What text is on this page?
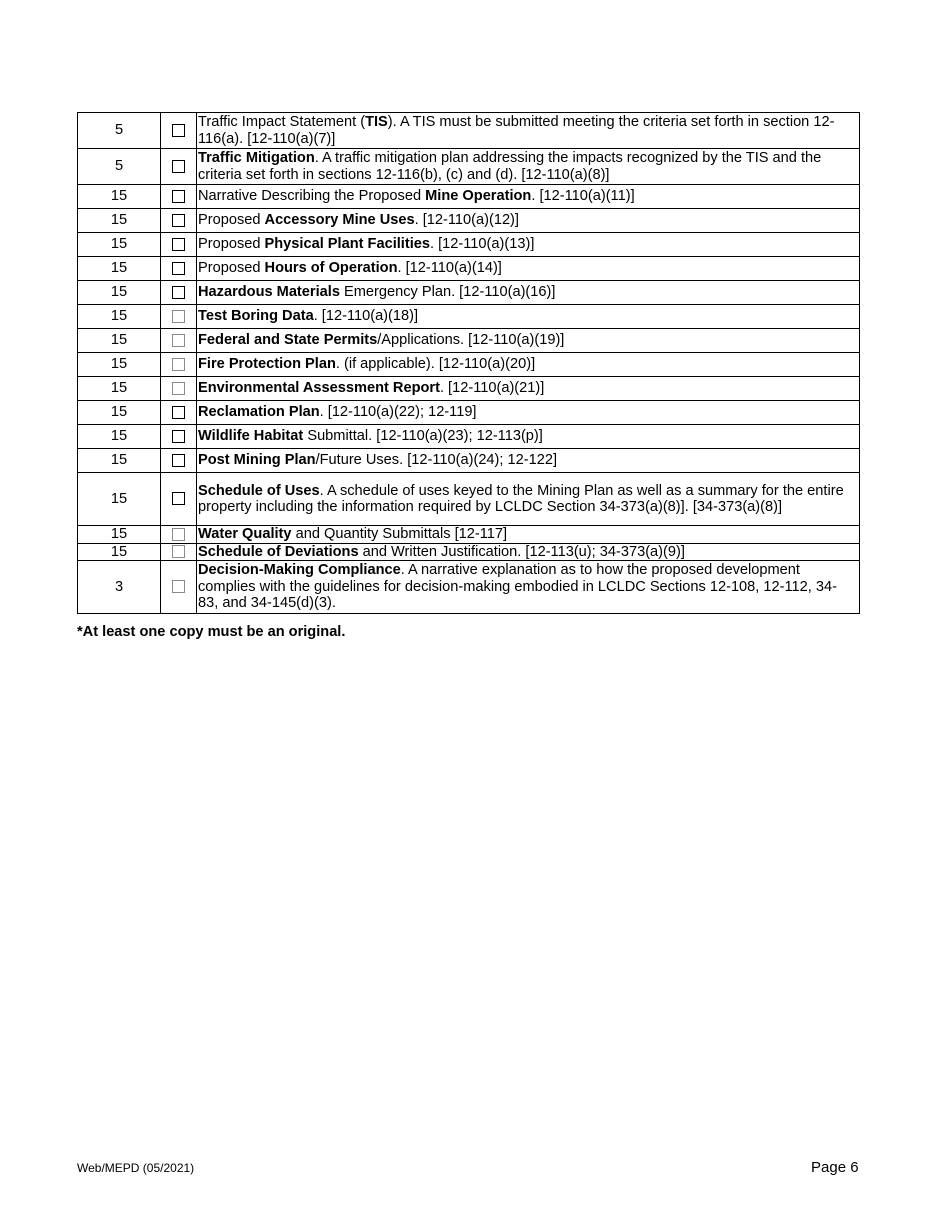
5		Traffic Impact Statement (TIS). A TIS must be submitted meeting the criteria set forth in section 12-116(a). [12-110(a)(7)]
5		Traffic Mitigation. A traffic mitigation plan addressing the impacts recognized by the TIS and the criteria set forth in sections 12-116(b), (c) and (d). [12-110(a)(8)]
15		Narrative Describing the Proposed Mine Operation. [12-110(a)(11)]
15		Proposed Accessory Mine Uses. [12-110(a)(12)]
15		Proposed Physical Plant Facilities. [12-110(a)(13)]
15		Proposed Hours of Operation. [12-110(a)(14)]
15		Hazardous Materials Emergency Plan. [12-110(a)(16)]
15		Test Boring Data. [12-110(a)(18)]
15		Federal and State Permits/Applications. [12-110(a)(19)]
15		Fire Protection Plan. (if applicable). [12-110(a)(20)]
15		Environmental Assessment Report. [12-110(a)(21)]
15		Reclamation Plan. [12-110(a)(22); 12-119]
15		Wildlife Habitat Submittal. [12-110(a)(23); 12-113(p)]
15		Post Mining Plan/Future Uses. [12-110(a)(24); 12-122]
15		Schedule of Uses. A schedule of uses keyed to the Mining Plan as well as a summary for the entire property including the information required by LCLDC Section 34-373(a)(8)]. [34-373(a)(8)]
15		Water Quality and Quantity Submittals [12-117]
15		Schedule of Deviations and Written Justification. [12-113(u); 34-373(a)(9)]
3		Decision-Making Compliance. A narrative explanation as to how the proposed development complies with the guidelines for decision-making embodied in LCLDC Sections 12-108, 12-112, 34-83, and 34-145(d)(3).
*At least one copy must be an original.
Web/MEPD (05/2021)	Page 6
